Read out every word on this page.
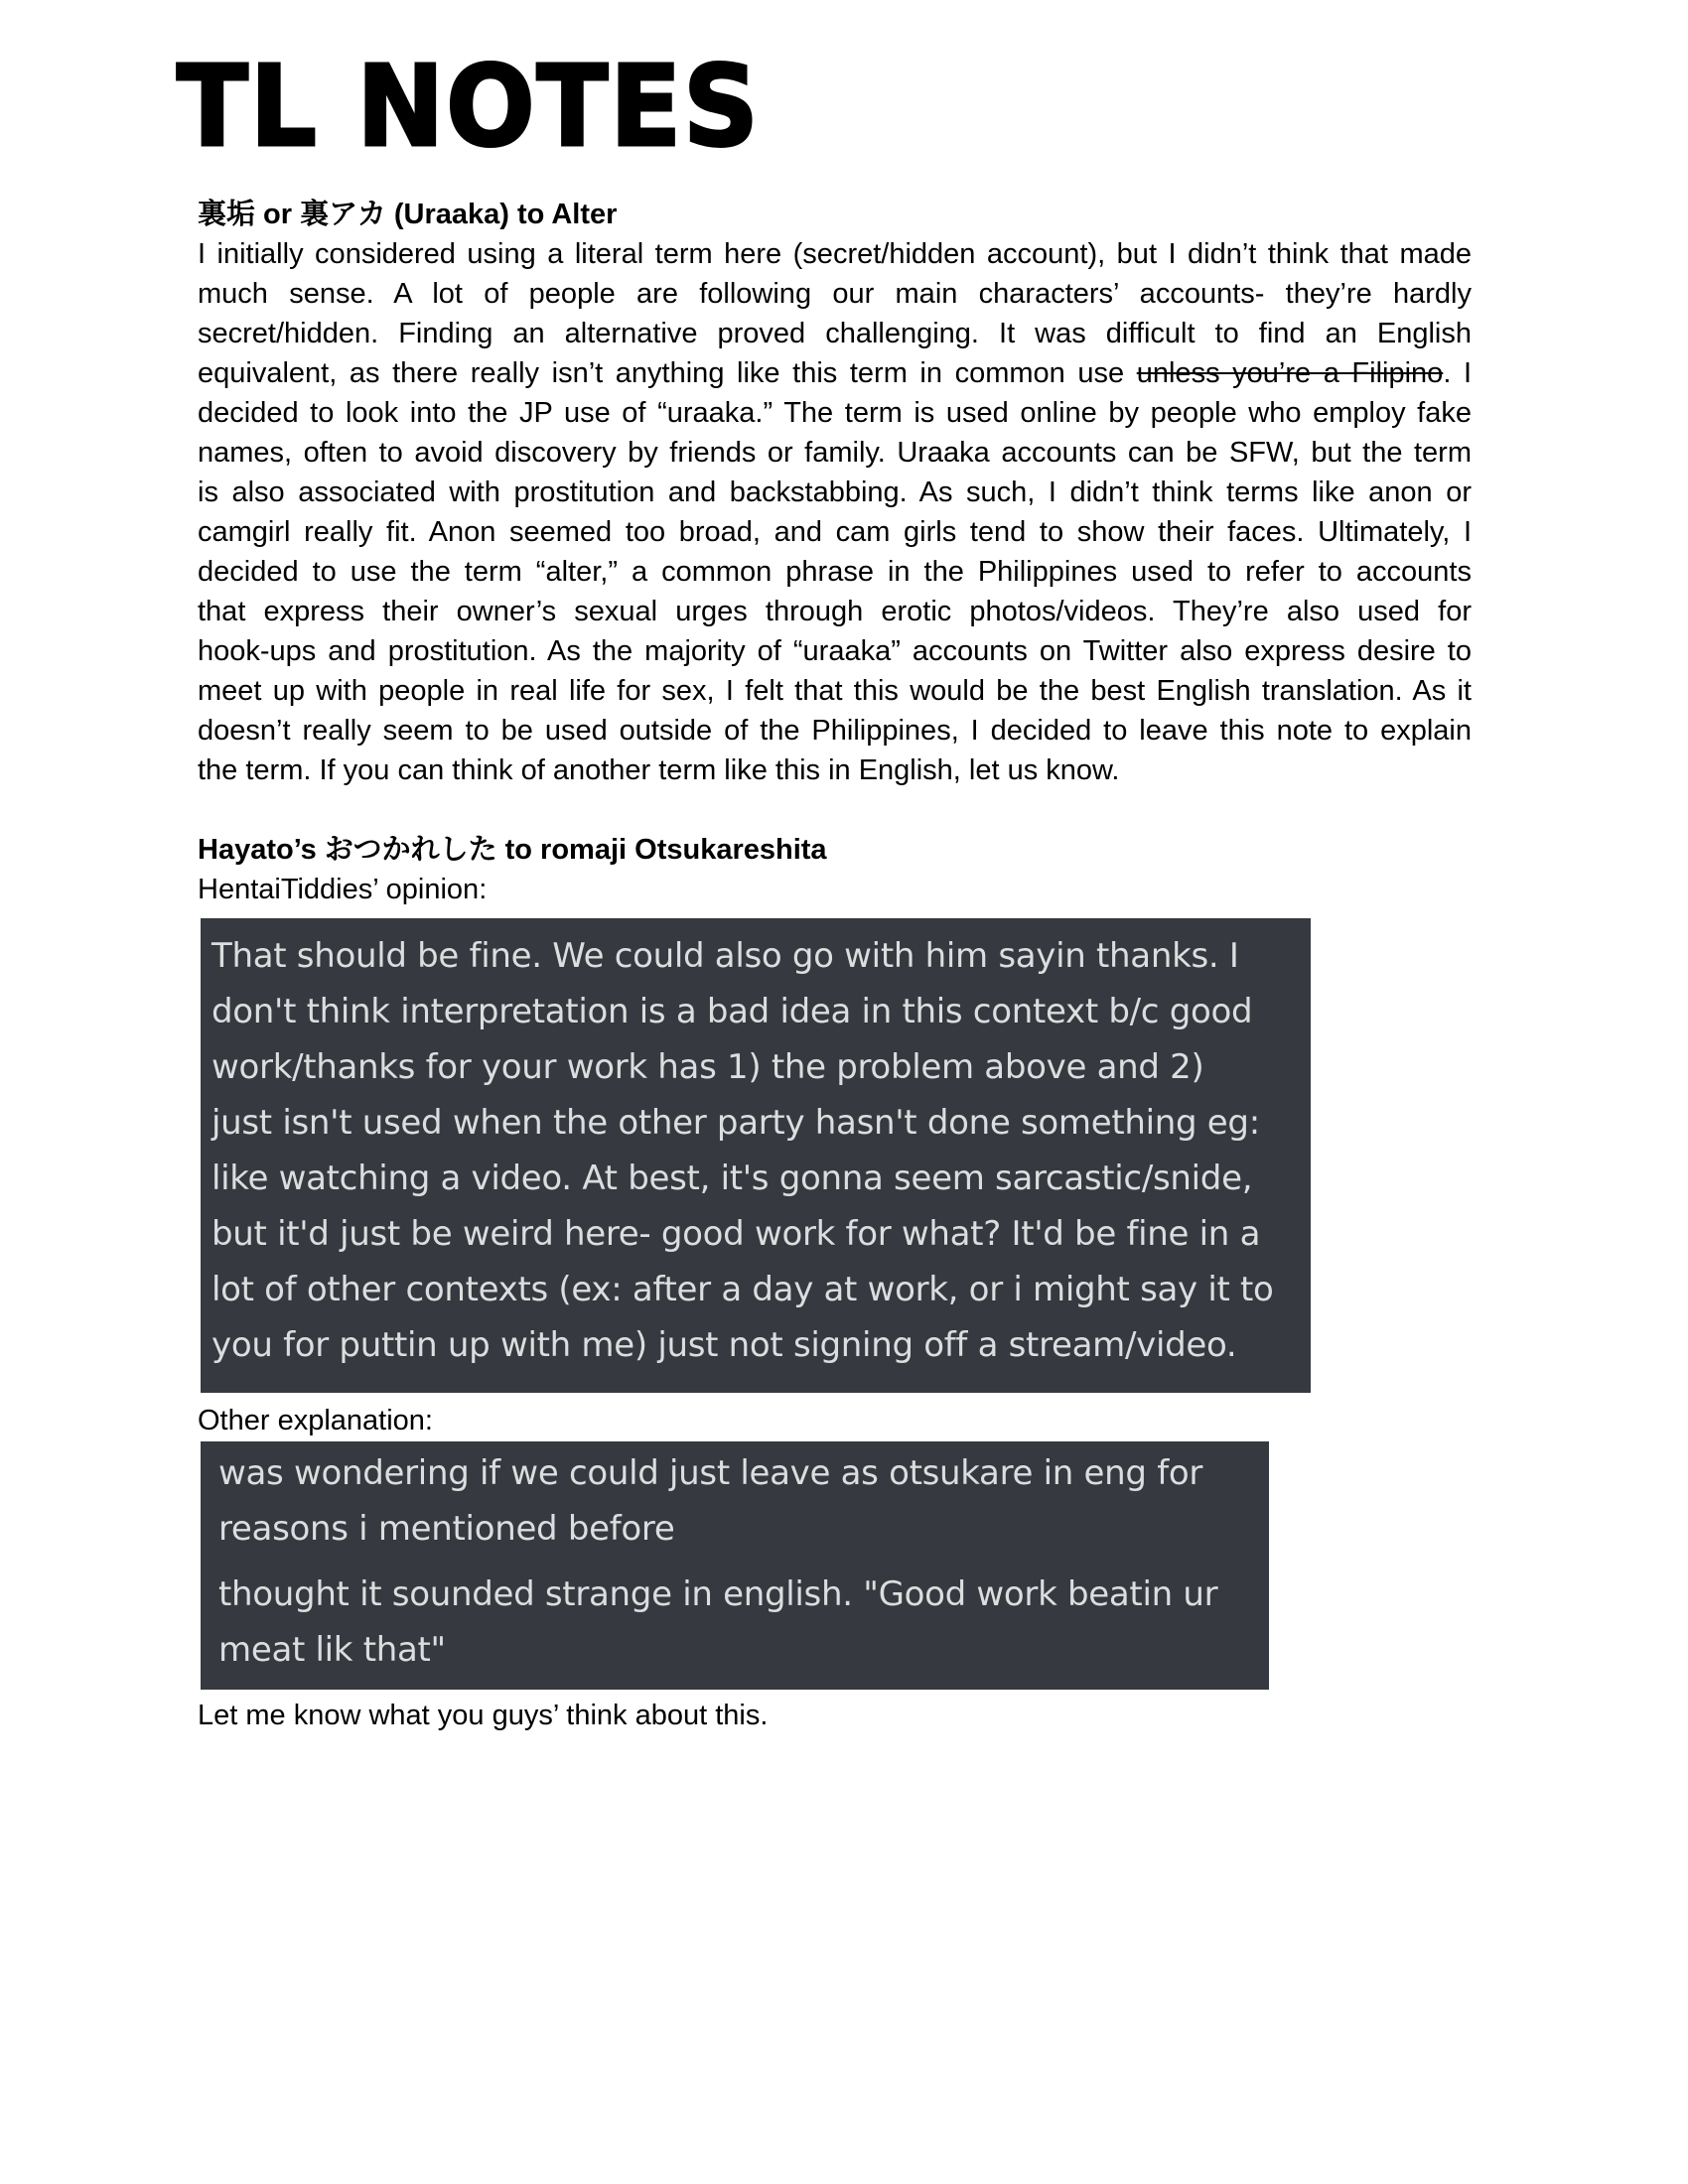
TL NOTES
裏垢 or 裏アカ (Uraaka) to Alter
I initially considered using a literal term here (secret/hidden account), but I didn’t think that made
much sense. A lot of people are following our main characters’ accounts- they’re hardly
secret/hidden. Finding an alternative proved challenging. It was difficult to find an English
equivalent, as there really isn’t anything like this term in common use unless you’re a Filipino. I
decided to look into the JP use of “uraaka.” The term is used online by people who employ fake
names, often to avoid discovery by friends or family. Uraaka accounts can be SFW, but the term
is also associated with prostitution and backstabbing. As such, I didn’t think terms like anon or
camgirl really fit. Anon seemed too broad, and cam girls tend to show their faces. Ultimately, I
decided to use the term “alter,” a common phrase in the Philippines used to refer to accounts
that express their owner’s sexual urges through erotic photos/videos. They’re also used for
hook-ups and prostitution. As the majority of “uraaka” accounts on Twitter also express desire to
meet up with people in real life for sex, I felt that this would be the best English translation. As it
doesn’t really seem to be used outside of the Philippines, I decided to leave this note to explain
the term. If you can think of another term like this in English, let us know.
Hayato’s おつかれした to romaji Otsukareshita
HentaiTiddies’ opinion:
That should be fine. We could also go with him sayin thanks. I
don't think interpretation is a bad idea in this context b/c good
work/thanks for your work has 1) the problem above and 2)
just isn't used when the other party hasn't done something eg:
like watching a video. At best, it's gonna seem sarcastic/snide,
but it'd just be weird here- good work for what? It'd be fine in a
lot of other contexts (ex: after a day at work, or i might say it to
you for puttin up with me) just not signing off a stream/video.
Other explanation:
was wondering if we could just leave as otsukare in eng for
reasons i mentioned before
thought it sounded strange in english. "Good work beatin ur
meat lik that"
Let me know what you guys’ think about this.
